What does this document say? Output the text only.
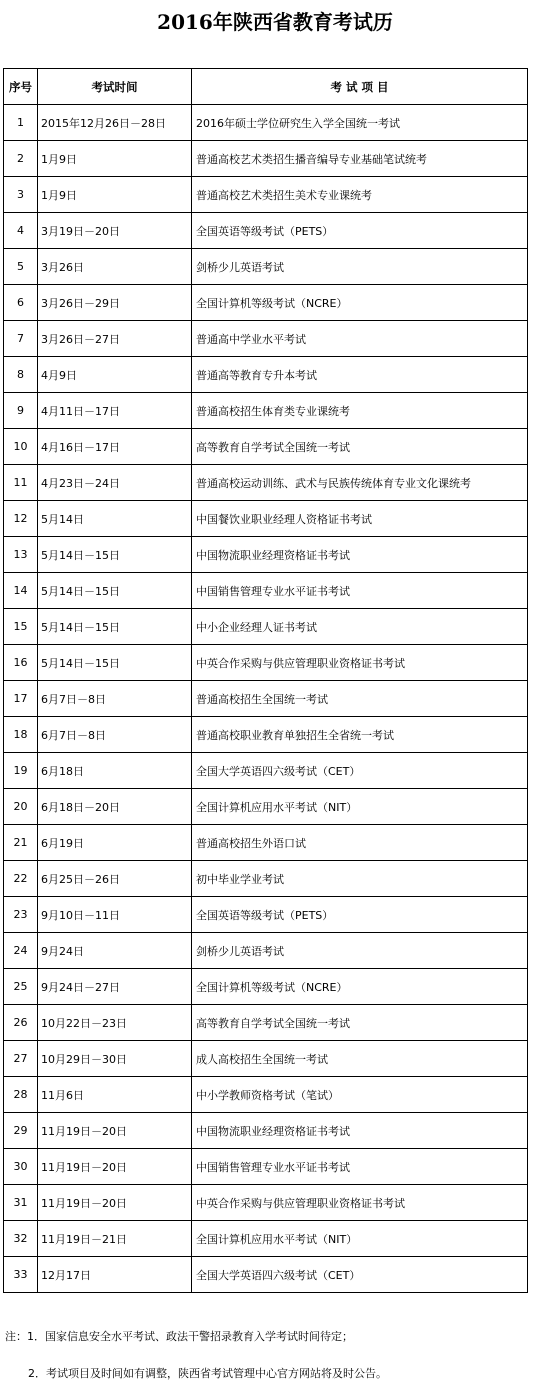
2016年陕西省教育考试历
序号	考试时间	考 试 项 目
1	2015年12月26日－28日	2016年硕士学位研究生入学全国统一考试
2	1月9日	普通高校艺术类招生播音编导专业基础笔试统考
3	1月9日	普通高校艺术类招生美术专业课统考
4	3月19日－20日	全国英语等级考试（PETS）
5	3月26日	剑桥少儿英语考试
6	3月26日－29日	全国计算机等级考试（NCRE）
7	3月26日－27日	普通高中学业水平考试
8	4月9日	普通高等教育专升本考试
9	4月11日－17日	普通高校招生体育类专业课统考
10	4月16日－17日	高等教育自学考试全国统一考试
11	4月23日－24日	普通高校运动训练、武术与民族传统体育专业文化课统考
12	5月14日	中国餐饮业职业经理人资格证书考试
13	5月14日－15日	中国物流职业经理资格证书考试
14	5月14日－15日	中国销售管理专业水平证书考试
15	5月14日－15日	中小企业经理人证书考试
16	5月14日－15日	中英合作采购与供应管理职业资格证书考试
17	6月7日－8日	普通高校招生全国统一考试
18	6月7日－8日	普通高校职业教育单独招生全省统一考试
19	6月18日	全国大学英语四六级考试（CET）
20	6月18日－20日	全国计算机应用水平考试（NIT）
21	6月19日	普通高校招生外语口试
22	6月25日－26日	初中毕业学业考试
23	9月10日－11日	全国英语等级考试（PETS）
24	9月24日	剑桥少儿英语考试
25	9月24日－27日	全国计算机等级考试（NCRE）
26	10月22日－23日	高等教育自学考试全国统一考试
27	10月29日－30日	成人高校招生全国统一考试
28	11月6日	中小学教师资格考试（笔试）
29	11月19日－20日	中国物流职业经理资格证书考试
30	11月19日－20日	中国销售管理专业水平证书考试
31	11月19日－20日	中英合作采购与供应管理职业资格证书考试
32	11月19日－21日	全国计算机应用水平考试（NIT）
33	12月17日	全国大学英语四六级考试（CET）
注：1．国家信息安全水平考试、政法干警招录教育入学考试时间待定；
2．考试项目及时间如有调整，陕西省考试管理中心官方网站将及时公告。
